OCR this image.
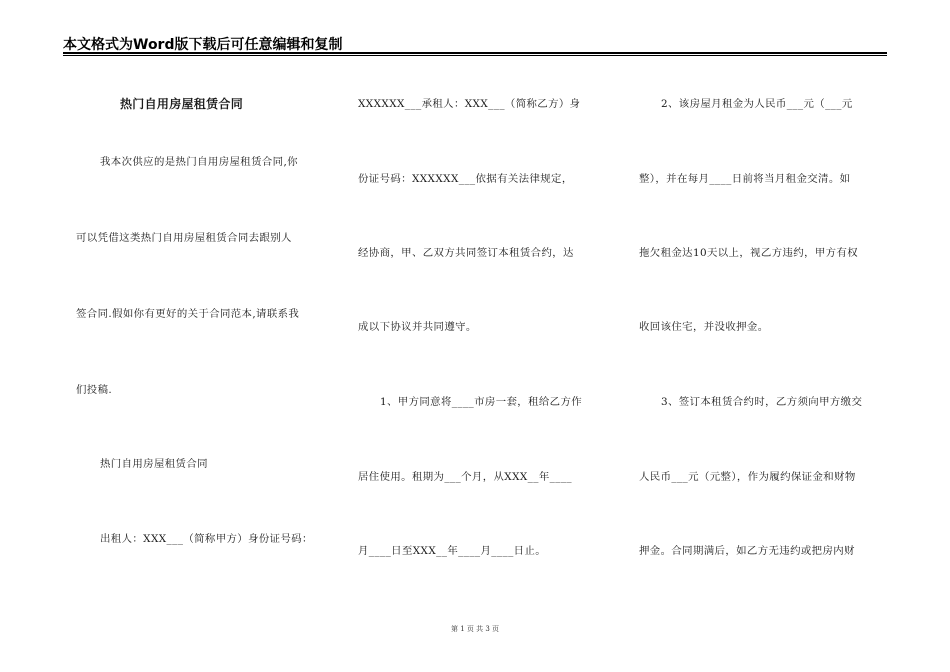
本文格式为Word版下载后可任意编辑和复制
热门自用房屋租赁合同
我本次供应的是热门自用房屋租赁合同,你
可以凭借这类热门自用房屋租赁合同去跟别人
签合同.假如你有更好的关于合同范本,请联系我
们投稿.
热门自用房屋租赁合同
出租人：XXX___（简称甲方）身份证号码：
XXXXXX___承租人：XXX___（简称乙方）身
份证号码：XXXXXX___依据有关法律规定，
经协商，甲、乙双方共同签订本租赁合约，达
成以下协议并共同遵守。
1、甲方同意将____市房一套，租给乙方作
居住使用。租期为___个月，从XXX__年____
月____日至XXX__年____月____日止。
2、该房屋月租金为人民币___元（___元
整），并在每月____日前将当月租金交清。如
拖欠租金达10天以上，视乙方违约，甲方有权
收回该住宅，并没收押金。
3、签订本租赁合约时，乙方须向甲方缴交
人民币___元（元整），作为履约保证金和财物
押金。合同期满后，如乙方无违约或把房内财
第 1 页 共 3 页
